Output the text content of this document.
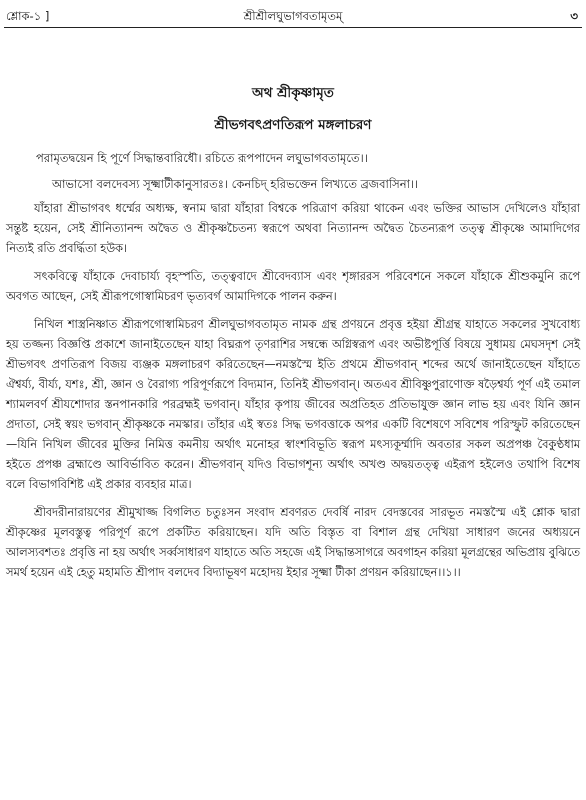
শ্লোক-১ ]	শ্রীশ্রীলঘুভাগবতামৃতম্‌	৩
অথ শ্রীকৃষ্ণামৃত
শ্রীভগবৎপ্রণতিরূপ মঙ্গলাচরণ
পরামৃতদ্বয়েন হি পূর্ণে সিদ্ধান্তবারিধৌ। রচিতে রূপপাদেন লঘুভাগবতামৃতে।।
আভাসো বলদেবস্য সূক্ষ্মাটীকানুসারতঃ। কেনচিদ্‌ হরিভক্তেন লিখ্যতে ব্রজবাসিনা।।

যাঁহারা শ্রীভাগবৎ ধর্ম্মের অধ্যক্ষ, স্বনাম দ্বারা যাঁহারা বিশ্বকে পরিত্রাণ করিয়া থাকেন এবং ভক্তির আভাস দেখিলেও যাঁহারা সন্তুষ্ট হয়েন, সেই শ্রীনিত্যানন্দ অদ্বৈত ও শ্রীকৃষ্ণচৈতন্য স্বরূপে অথবা নিত্যানন্দ অদ্বৈত চৈতন্যরূপ তত্ত্ব শ্রীকৃষ্ণে আমাদিগের নিত্যই রতি প্রবর্দ্ধিতা হউক।

সৎকবিত্বে যাঁহাকে দেবাচার্য্য বৃহস্পতি, তত্ত্ববাদে শ্রীবেদব্যাস এবং শৃঙ্গাররস পরিবেশনে সকলে যাঁহাকে শ্রীশুকমুনি রূপে অবগত আছেন, সেই শ্রীরূপগোস্বামিচরণ ভৃত্যবর্গ আমাদিগকে পালন করুন।

নিখিল শাস্ত্রনিষ্ণাত শ্রীরূপগোস্বামিচরণ শ্রীলঘুভাগবতামৃত নামক গ্রন্থ প্রণয়নে প্রবৃত্ত হইয়া শ্রীগ্রন্থ যাহাতে সকলের সুখবোধ্য হয় তজ্জন্য বিজ্ঞপ্তি প্রকাশে জানাইতেছেন যাহা বিঘ্নরূপ তৃণরাশির সম্বন্ধে অগ্নিস্বরূপ এবং অভীষ্টপূর্ত্তি বিষয়ে সুধাময় মেঘসদৃশ সেই শ্রীভগবৎ প্রণতিরূপ বিজয় ব্যঞ্জক মঙ্গলাচরণ করিতেছেন—নমস্তস্মৈ ইতি প্রথমে শ্রীভগবান্‌ শব্দের অর্থে জানাইতেছেন যাঁহাতে ঐশ্বর্য্য, বীর্য্য, যশঃ, শ্রী, জ্ঞান ও বৈরাগ্য পরিপূর্ণরূপে বিদ্যমান, তিনিই শ্রীভগবান্‌। অতএব শ্রীবিষ্ণুপুরাণোক্ত ষড়ৈশ্বর্য্য পূর্ণ এই তমাল শ্যামলবর্ণ শ্রীযশোদার স্তনপানকারি পরব্রহ্মই ভগবান্‌। যাঁহার কৃপায় জীবের অপ্রতিহত প্রতিভাযুক্ত জ্ঞান লাভ হয় এবং যিনি জ্ঞান প্রদাতা, সেই স্বয়ং ভগবান্‌ শ্রীকৃষ্ণকে নমস্কার। তাঁহার এই স্বতঃ সিদ্ধ ভগবত্তাকে অপর একটি বিশেষণে সবিশেষ পরিস্ফুট করিতেছেন—যিনি নিখিল জীবের মুক্তির নিমিত্ত কমনীয় অর্থাৎ মনোহর স্বাংশবিভূতি স্বরূপ মৎস্যকূর্ম্মাদি অবতার সকল অপ্রপঞ্চ বৈকুণ্ঠধাম হইতে প্রপঞ্চ ব্রহ্মাণ্ডে আবির্ভাবিত করেন। শ্রীভগবান্‌ যদিও বিভাগশূন্য অর্থাৎ অখণ্ড অদ্বয়তত্ত্ব এইরূপ হইলেও তথাপি বিশেষ বলে বিভাগবিশিষ্ট এই প্রকার ব্যবহার মাত্র।

শ্রীবদরীনারায়ণের শ্রীমুখাজ্জ বিগলিত চতুঃসন সংবাদ শ্রবণরত দেবর্ষি নারদ বেদস্তবের সারভূত নমস্তস্মৈ এই শ্লোক দ্বারা শ্রীকৃষ্ণের মূলবস্তুত্ব পরিপূর্ণ রূপে প্রকটিত করিয়াছেন। যদি অতি বিস্তৃত বা বিশাল গ্রন্থ দেখিয়া সাধারণ জনের অধ্যয়নে আলস্যবশতঃ প্রবৃত্তি না হয় অর্থাৎ সর্ব্বসাধারণ যাহাতে অতি সহজে এই সিদ্ধান্তসাগরে অবগাহন করিয়া মূলগ্রন্থের অভিপ্রায় বুঝিতে সমর্থ হয়েন এই হেতু মহামতি শ্রীপাদ বলদেব বিদ্যাভূষণ মহোদয় ইহার সূক্ষ্মা টীকা প্রণয়ন করিয়াছেন।।১।।
